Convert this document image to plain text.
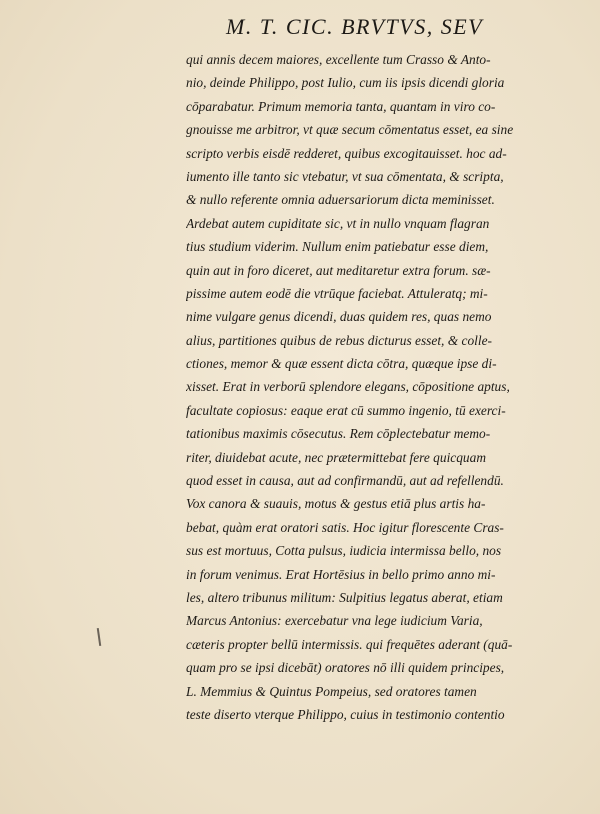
M. T. CIC. BRVTVS, SEV
qui annis decem maiores, excellente tum Crasso & Anto-
nio, deinde Philippo, post Iulio, cum iis ipsis dicendi gloria
cōparabatur. Primum memoria tanta, quantam in viro co-
gnouisse me arbitror, vt quæ secum cōmentatus esset, ea sine
scripto verbis eisdē redderet, quibus excogitauisset. hoc ad-
iumento ille tanto sic vtebatur, vt sua cōmentata, & scripta,
& nullo referente omnia aduersariorum dicta meminisset.
Ardebat autem cupiditate sic, vt in nullo vnquam flagran
tius studium viderim. Nullum enim patiebatur esse diem,
quin aut in foro diceret, aut meditaretur extra forum. sæ-
pissime autem eodē die vtrūque faciebat. Attuleratq; mi-
nime vulgare genus dicendi, duas quidem res, quas nemo
alius, partitiones quibus de rebus dicturus esset, & colle-
ctiones, memor & quæ essent dicta cōtra, quæque ipse di-
xisset. Erat in verborū splendore elegans, cōpositione aptus,
facultate copiosus: eaque erat cū summo ingenio, tū exerci-
tationibus maximis cōsecutus. Rem cōplectebatur memo-
riter, diuidebat acute, nec prætermittebat fere quicquam
quod esset in causa, aut ad confirmandū, aut ad refellendū.
Vox canora & suauis, motus & gestus etiā plus artis ha-
bebat, quàm erat oratori satis. Hoc igitur florescente Cras-
sus est mortuus, Cotta pulsus, iudicia intermissa bello, nos
in forum venimus. Erat Hortēsius in bello primo anno mi-
les, altero tribunus militum: Sulpitius legatus aberat, etiam
Marcus Antonius: exercebatur vna lege iudicium Varia,
cæteris propter bellū intermissis. qui frequētes aderant (quā-
quam pro se ipsi dicebāt) oratores nō illi quidem principes,
L. Memmius & Quintus Pompeius, sed oratores tamen
teste diserto vterque Philippo, cuius in testimonio contentio
